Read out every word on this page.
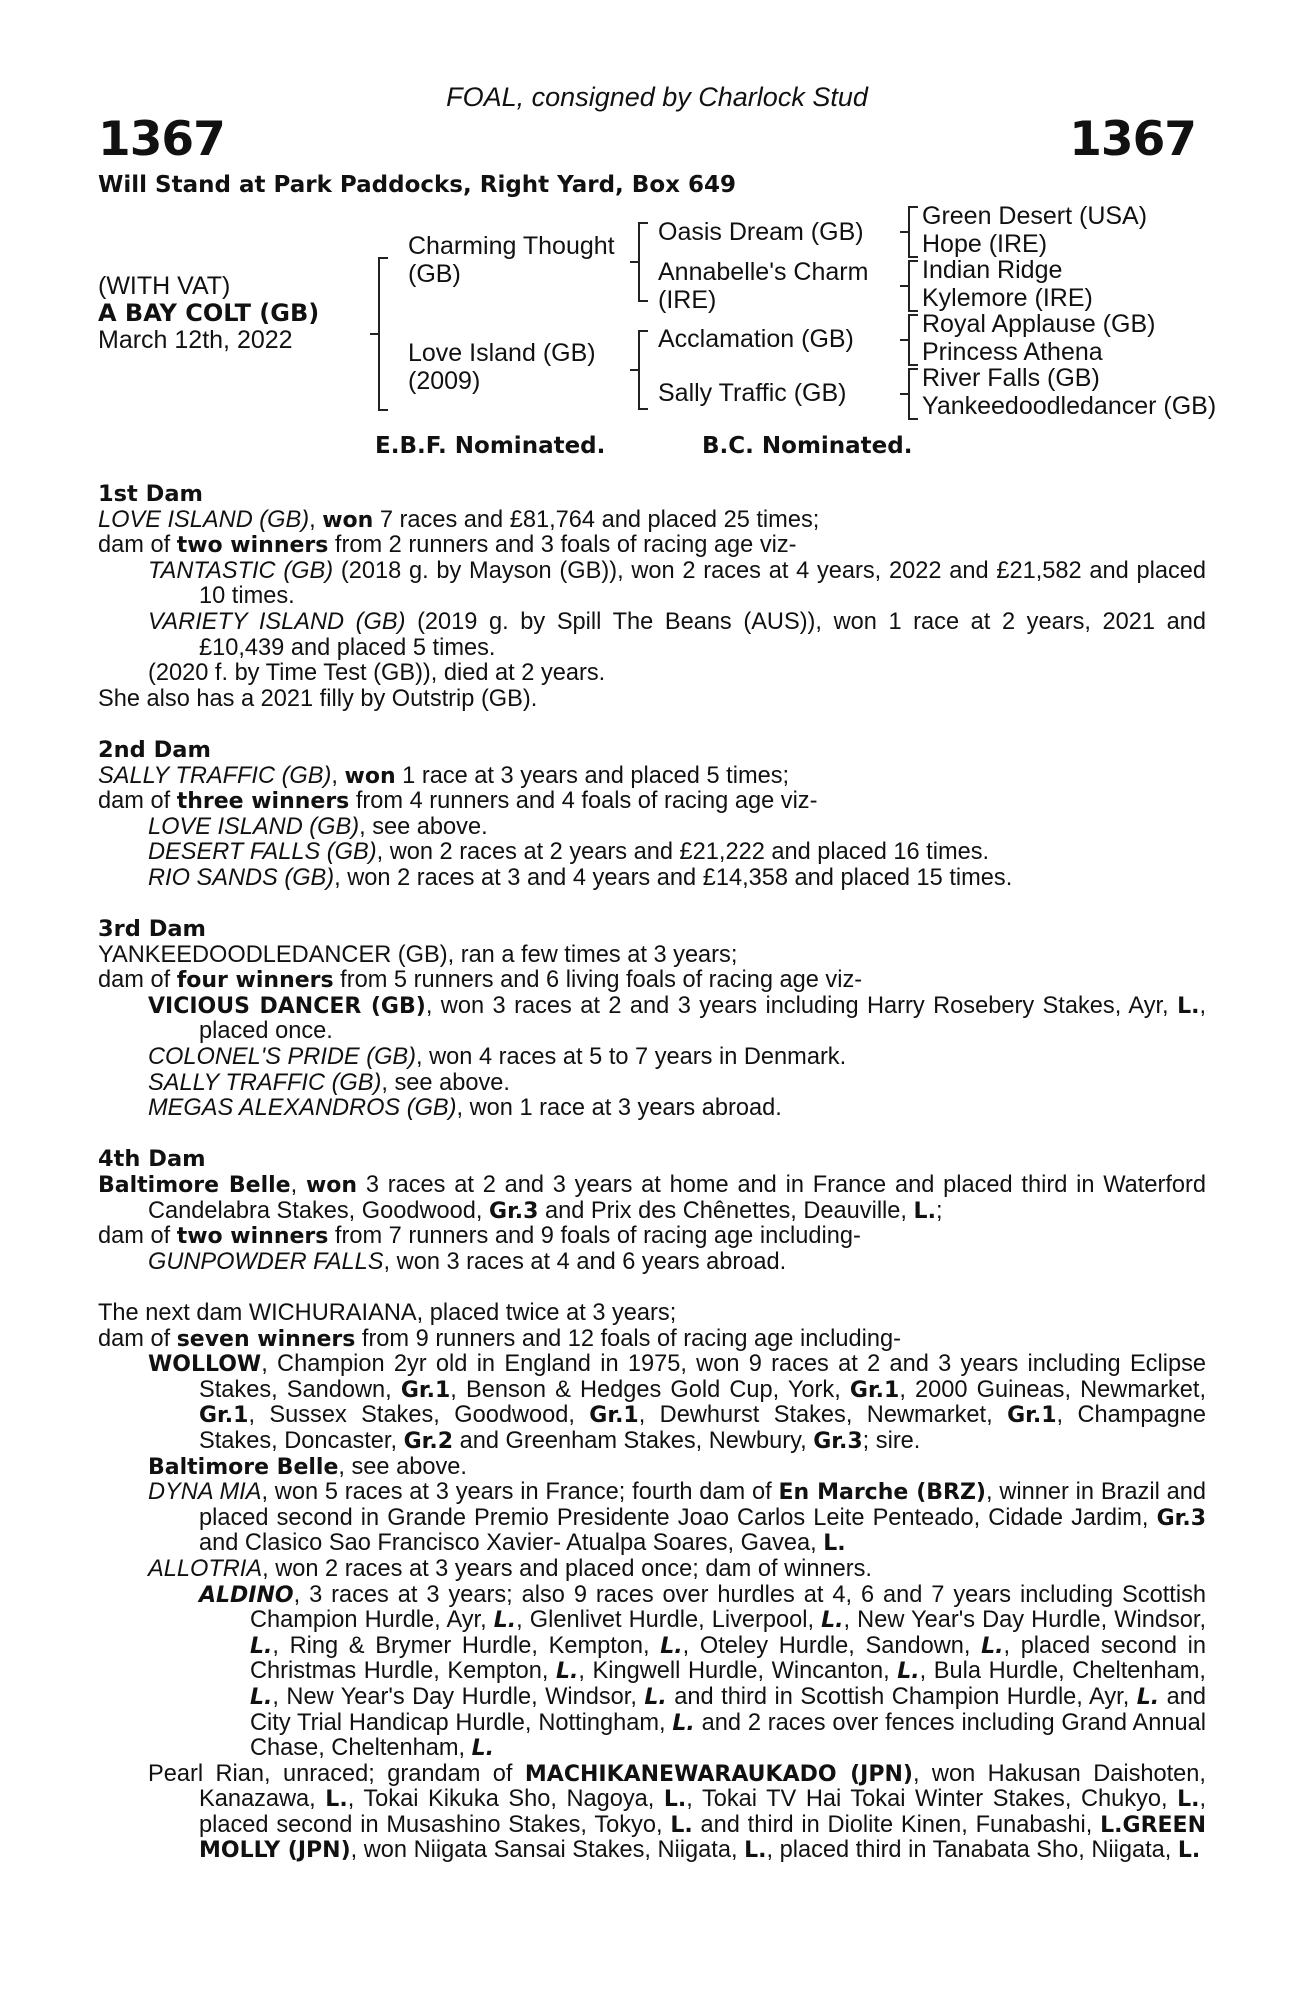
FOAL, consigned by Charlock Stud
1367	1367
Will Stand at Park Paddocks, Right Yard, Box 649
(WITH VAT)
A BAY COLT (GB)
March 12th, 2022
Charming Thought
(GB)
Love Island (GB)
(2009)
Oasis Dream (GB)
Annabelle's Charm
(IRE)
Acclamation (GB)
Sally Traffic (GB)
Green Desert (USA)
Hope (IRE)
Indian Ridge
Kylemore (IRE)
Royal Applause (GB)
Princess Athena
River Falls (GB)
Yankeedoodledancer (GB)
E.B.F. Nominated.	B.C. Nominated.

1st Dam

LOVE ISLAND (GB), won 7 races and £81,764 and placed 25 times;

dam of two winners from 2 runners and 3 foals of racing age viz-

TANTASTIC (GB) (2018 g. by Mayson (GB)), won 2 races at 4 years, 2022 and £21,582 and placed 10 times.

VARIETY ISLAND (GB) (2019 g. by Spill The Beans (AUS)), won 1 race at 2 years, 2021 and £10,439 and placed 5 times.

(2020 f. by Time Test (GB)), died at 2 years.

She also has a 2021 filly by Outstrip (GB).

2nd Dam

SALLY TRAFFIC (GB), won 1 race at 3 years and placed 5 times;

dam of three winners from 4 runners and 4 foals of racing age viz-

LOVE ISLAND (GB), see above.

DESERT FALLS (GB), won 2 races at 2 years and £21,222 and placed 16 times.

RIO SANDS (GB), won 2 races at 3 and 4 years and £14,358 and placed 15 times.

3rd Dam

YANKEEDOODLEDANCER (GB), ran a few times at 3 years;

dam of four winners from 5 runners and 6 living foals of racing age viz-

VICIOUS DANCER (GB), won 3 races at 2 and 3 years including Harry Rosebery Stakes, Ayr, L., placed once.

COLONEL'S PRIDE (GB), won 4 races at 5 to 7 years in Denmark.

SALLY TRAFFIC (GB), see above.

MEGAS ALEXANDROS (GB), won 1 race at 3 years abroad.

4th Dam

Baltimore Belle, won 3 races at 2 and 3 years at home and in France and placed third in Waterford Candelabra Stakes, Goodwood, Gr.3 and Prix des Chênettes, Deauville, L.;

dam of two winners from 7 runners and 9 foals of racing age including-

GUNPOWDER FALLS, won 3 races at 4 and 6 years abroad.

The next dam WICHURAIANA, placed twice at 3 years;

dam of seven winners from 9 runners and 12 foals of racing age including-

WOLLOW, Champion 2yr old in England in 1975, won 9 races at 2 and 3 years including Eclipse Stakes, Sandown, Gr.1, Benson & Hedges Gold Cup, York, Gr.1, 2000 Guineas, Newmarket, Gr.1, Sussex Stakes, Goodwood, Gr.1, Dewhurst Stakes, Newmarket, Gr.1, Champagne Stakes, Doncaster, Gr.2 and Greenham Stakes, Newbury, Gr.3; sire.

Baltimore Belle, see above.

DYNA MIA, won 5 races at 3 years in France; fourth dam of En Marche (BRZ), winner in Brazil and placed second in Grande Premio Presidente Joao Carlos Leite Penteado, Cidade Jardim, Gr.3 and Clasico Sao Francisco Xavier- Atualpa Soares, Gavea, L.

ALLOTRIA, won 2 races at 3 years and placed once; dam of winners.

ALDINO, 3 races at 3 years; also 9 races over hurdles at 4, 6 and 7 years including Scottish Champion Hurdle, Ayr, L., Glenlivet Hurdle, Liverpool, L., New Year's Day Hurdle, Windsor, L., Ring & Brymer Hurdle, Kempton, L., Oteley Hurdle, Sandown, L., placed second in Christmas Hurdle, Kempton, L., Kingwell Hurdle, Wincanton, L., Bula Hurdle, Cheltenham, L., New Year's Day Hurdle, Windsor, L. and third in Scottish Champion Hurdle, Ayr, L. and City Trial Handicap Hurdle, Nottingham, L. and 2 races over fences including Grand Annual Chase, Cheltenham, L.

Pearl Rian, unraced; grandam of MACHIKANEWARAUKADO (JPN), won Hakusan Daishoten, Kanazawa, L., Tokai Kikuka Sho, Nagoya, L., Tokai TV Hai Tokai Winter Stakes, Chukyo, L., placed second in Musashino Stakes, Tokyo, L. and third in Diolite Kinen, Funabashi, L.GREEN MOLLY (JPN), won Niigata Sansai Stakes, Niigata, L., placed third in Tanabata Sho, Niigata, L.
